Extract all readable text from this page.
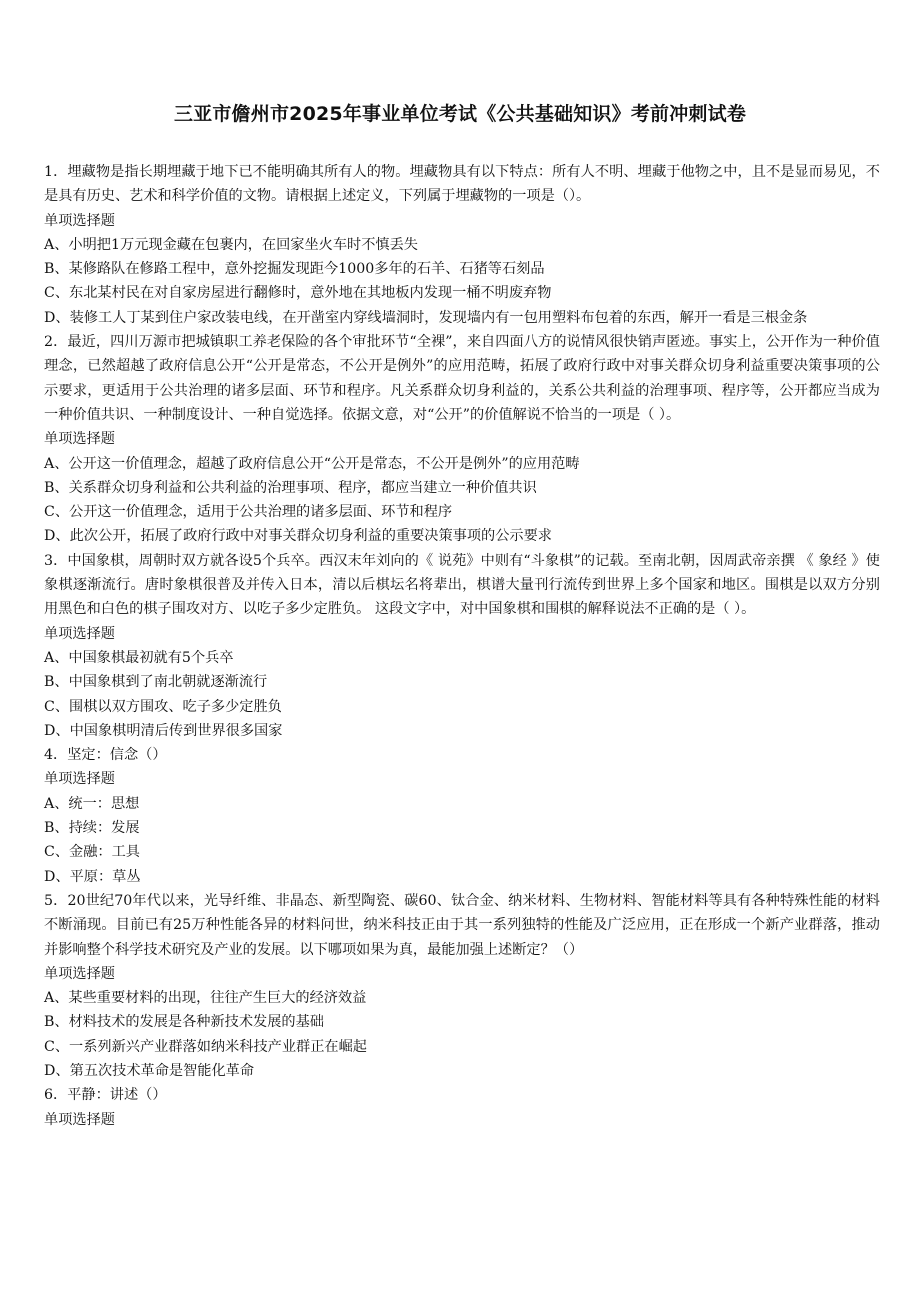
三亚市儋州市2025年事业单位考试《公共基础知识》考前冲刺试卷

1．埋藏物是指长期埋藏于地下已不能明确其所有人的物。埋藏物具有以下特点：所有人不明、埋藏于他物之中，且不是显而易见，不是具有历史、艺术和科学价值的文物。请根据上述定义，下列属于埋藏物的一项是（）。

单项选择题

A、小明把1万元现金藏在包裹内，在回家坐火车时不慎丢失

B、某修路队在修路工程中，意外挖掘发现距今1000多年的石羊、石猪等石刻品

C、东北某村民在对自家房屋进行翻修时，意外地在其地板内发现一桶不明废弃物

D、装修工人丁某到住户家改装电线，在开凿室内穿线墙洞时，发现墙内有一包用塑料布包着的东西，解开一看是三根金条

2．最近，四川万源市把城镇职工养老保险的各个审批环节“全裸”，来自四面八方的说情风很快销声匿迹。事实上，公开作为一种价值理念，已然超越了政府信息公开“公开是常态，不公开是例外”的应用范畴，拓展了政府行政中对事关群众切身利益重要决策事项的公示要求，更适用于公共治理的诸多层面、环节和程序。凡关系群众切身利益的，关系公共利益的治理事项、程序等，公开都应当成为一种价值共识、一种制度设计、一种自觉选择。依据文意，对“公开”的价值解说不恰当的一项是（ ）。

单项选择题

A、公开这一价值理念，超越了政府信息公开“公开是常态，不公开是例外”的应用范畴

B、关系群众切身利益和公共利益的治理事项、程序，都应当建立一种价值共识

C、公开这一价值理念，适用于公共治理的诸多层面、环节和程序

D、此次公开，拓展了政府行政中对事关群众切身利益的重要决策事项的公示要求

3．中国象棋，周朝时双方就各设5个兵卒。西汉末年刘向的《 说苑》中则有“斗象棋”的记载。至南北朝，因周武帝亲撰 《 象经 》使象棋逐渐流行。唐时象棋很普及并传入日本，清以后棋坛名将辈出，棋谱大量刊行流传到世界上多个国家和地区。围棋是以双方分别用黑色和白色的棋子围攻对方、以吃子多少定胜负。 这段文字中，对中国象棋和围棋的解释说法不正确的是（ ）。

单项选择题

A、中国象棋最初就有5个兵卒

B、中国象棋到了南北朝就逐渐流行

C、围棋以双方围攻、吃子多少定胜负

D、中国象棋明清后传到世界很多国家

4．坚定：信念（）

单项选择题

A、统一：思想

B、持续：发展

C、金融：工具

D、平原：草丛

5．20世纪70年代以来，光导纤维、非晶态、新型陶瓷、碳60、钛合金、纳米材料、生物材料、智能材料等具有各种特殊性能的材料不断涌现。目前已有25万种性能各异的材料问世，纳米科技正由于其一系列独特的性能及广泛应用，正在形成一个新产业群落，推动并影响整个科学技术研究及产业的发展。以下哪项如果为真，最能加强上述断定？（）

单项选择题

A、某些重要材料的出现，往往产生巨大的经济效益

B、材料技术的发展是各种新技术发展的基础

C、一系列新兴产业群落如纳米科技产业群正在崛起

D、第五次技术革命是智能化革命

6．平静：讲述（）

单项选择题
